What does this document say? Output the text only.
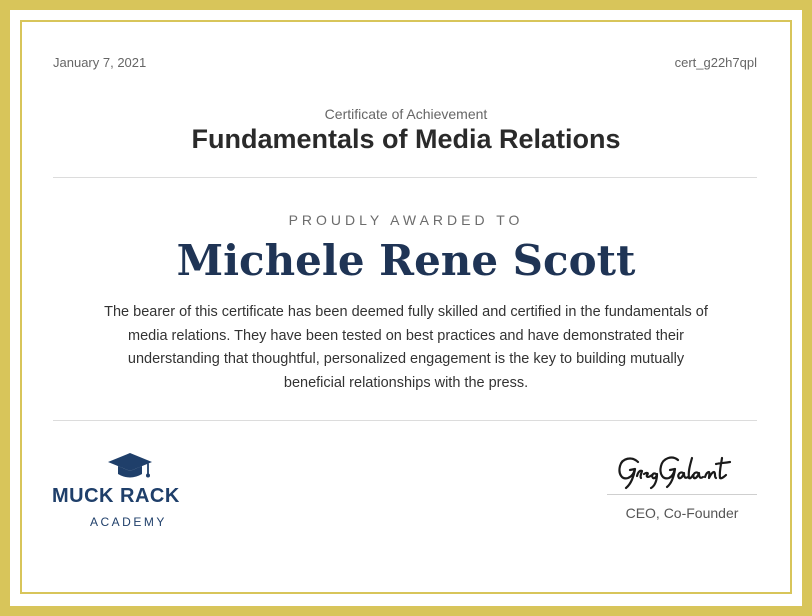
January 7, 2021	cert_g22h7qpl
Certificate of Achievement
Fundamentals of Media Relations
PROUDLY AWARDED TO
Michele Rene Scott
The bearer of this certificate has been deemed fully skilled and certified in the fundamentals of media relations. They have been tested on best practices and have demonstrated their understanding that thoughtful, personalized engagement is the key to building mutually beneficial relationships with the press.
MUCK RACK
ACADEMY
CEO, Co-Founder
